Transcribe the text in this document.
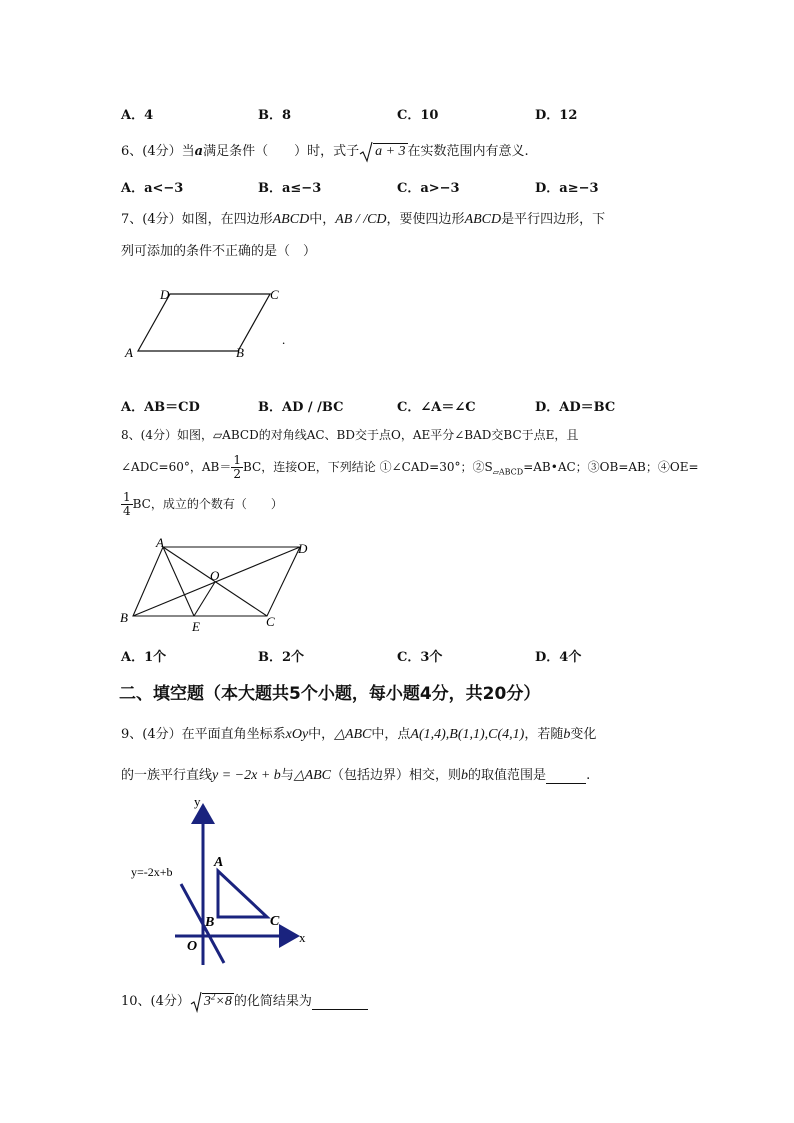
A．4	B．8	C．10	D．12
6、(4分）当a满足条件（　　）时，式子 a + 3 在实数范围内有意义.
A．a<−3	B．a≤−3	C．a>−3	D．a≥−3
7、(4分）如图，在四边形ABCD中，AB / /CD，要使四边形ABCD是平行四边形，下
列可添加的条件不正确的是（　）
D	C
A	B
.
A．AB＝CD	B．AD / /BC	C．∠A＝∠C	D．AD＝BC
8、(4分）如图，▱ABCD的对角线AC、BD交于点O，AE平分∠BAD交BC于点E，且
∠ADC=60°，$AB= \frac{1}{2}$ BC，连接OE，下列结论 ①∠CAD=30°；$②S_{▱ABCD}=AB•AC$；③OB=AB；④OE=
$\frac{1}{4}$ BC，成立的个数有（　　）
A	D
O
B
E	C
A．1个	B．2个	C．3个	D．4个
二、填空题（本大题共5个小题，每小题4分，共20分）
9、(4分）在平面直角坐标系xOy中，△ABC中，点A(1,4),B(1,1),C(4,1)，若随b变化
的一族平行直线y = −2x + b与△ABC（包括边界）相交，则b的取值范围是	.
y
x
y=-2x+b
A
B	C
O
10、(4分） $3^2\times 8$ 的化简结果为
